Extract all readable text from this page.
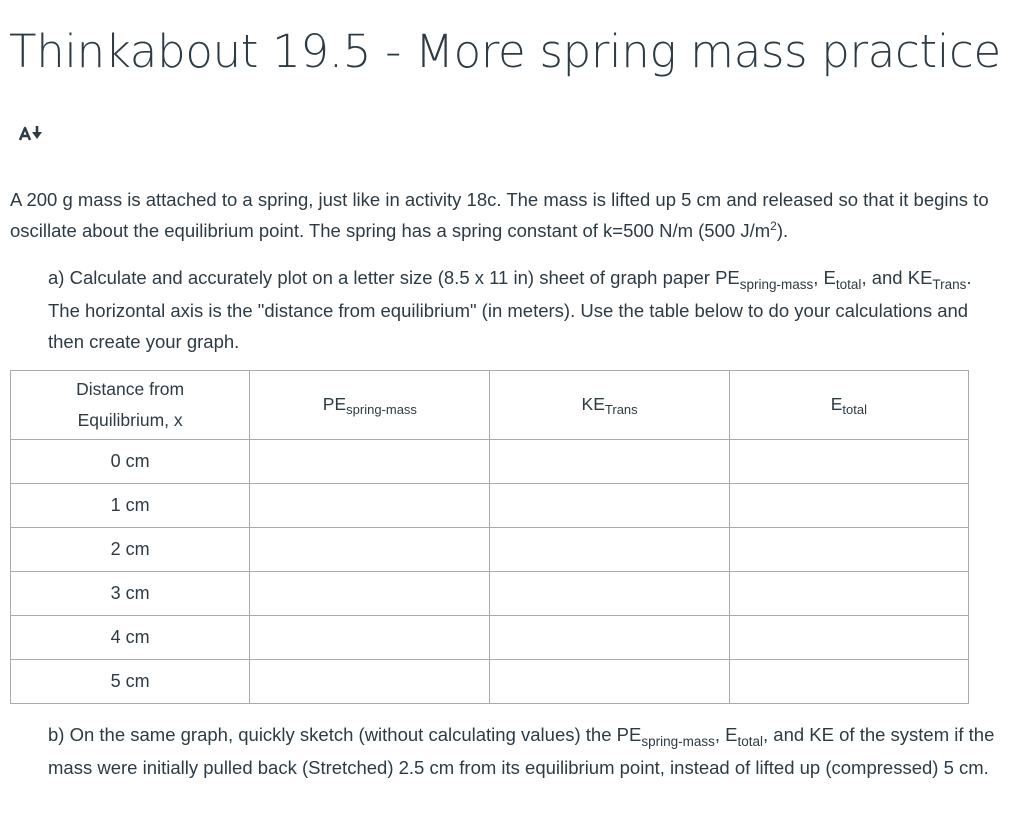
Thinkabout 19.5 - More spring mass practice

A 200 g mass is attached to a spring, just like in activity 18c. The mass is lifted up 5 cm and released so that it begins to oscillate about the equilibrium point. The spring has a spring constant of k=500 N/m (500 $J/m^2$).

a) Calculate and accurately plot on a letter size (8.5 x 11 in) sheet of graph paper $PE_{spring-mass}$, $E_{total}$, and $KE_{Trans}$. The horizontal axis is the "distance from equilibrium" (in meters). Use the table below to do your calculations and then create your graph.

Distance from
Equilibrium, x	$PE_{spring-mass}$	$KE_{Trans}$	$E_{total}$
0 cm			
1 cm			
2 cm			
3 cm			
4 cm			
5 cm			

b) On the same graph, quickly sketch (without calculating values) the $PE_{spring-mass}$, $E_{total}$, and KE of the system if the mass were initially pulled back (Stretched) 2.5 cm from its equilibrium point, instead of lifted up (compressed) 5 cm.
